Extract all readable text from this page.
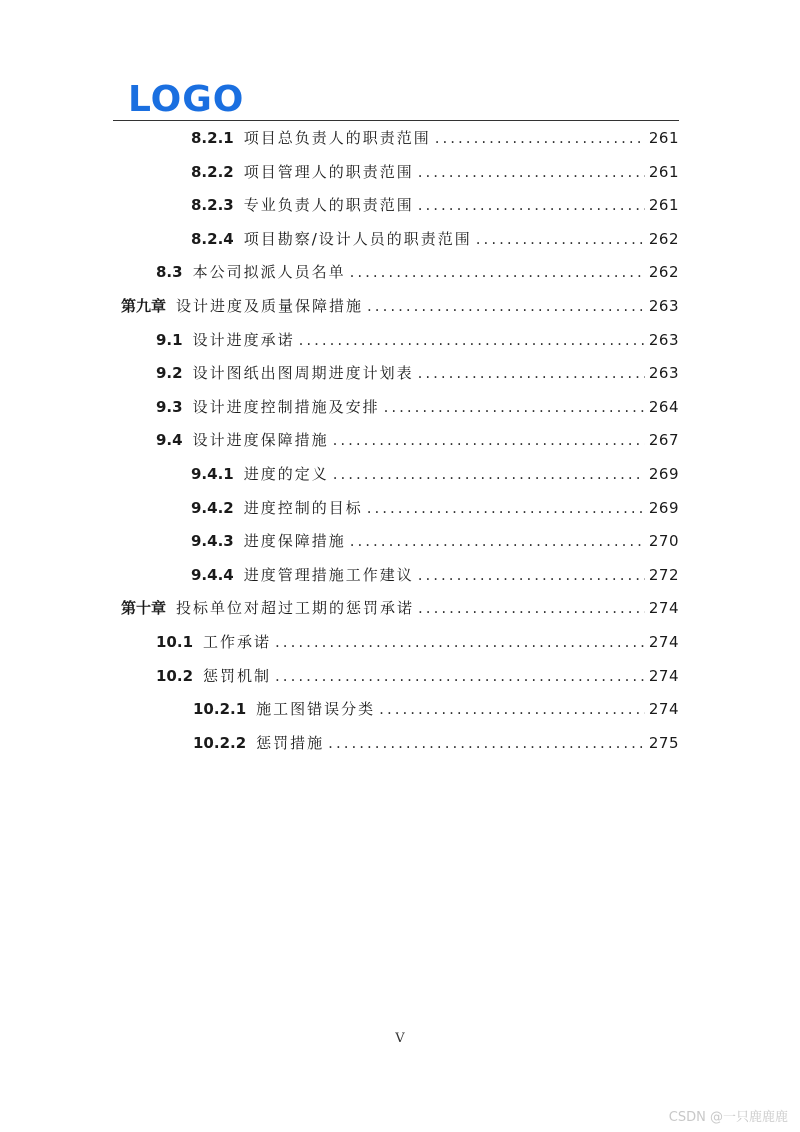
LOGO
8.2.1 项目总负责人的职责范围 .....	261
8.2.2 项目管理人的职责范围 .....	261
8.2.3 专业负责人的职责范围 .....	261
8.2.4 项目勘察/设计人员的职责范围 .....	262
8.3 本公司拟派人员名单 .....	262
第九章 设计进度及质量保障措施 .....	263
9.1 设计进度承诺 .....	263
9.2 设计图纸出图周期进度计划表 .....	263
9.3 设计进度控制措施及安排 .....	264
9.4 设计进度保障措施 .....	267
9.4.1 进度的定义 .....	269
9.4.2 进度控制的目标 .....	269
9.4.3 进度保障措施 .....	270
9.4.4 进度管理措施工作建议 .....	272
第十章 投标单位对超过工期的惩罚承诺 .....	274
10.1 工作承诺 .....	274
10.2 惩罚机制 .....	274
10.2.1 施工图错误分类 .....	274
10.2.2 惩罚措施 .....	275
V
CSDN @一只鹿鹿鹿
